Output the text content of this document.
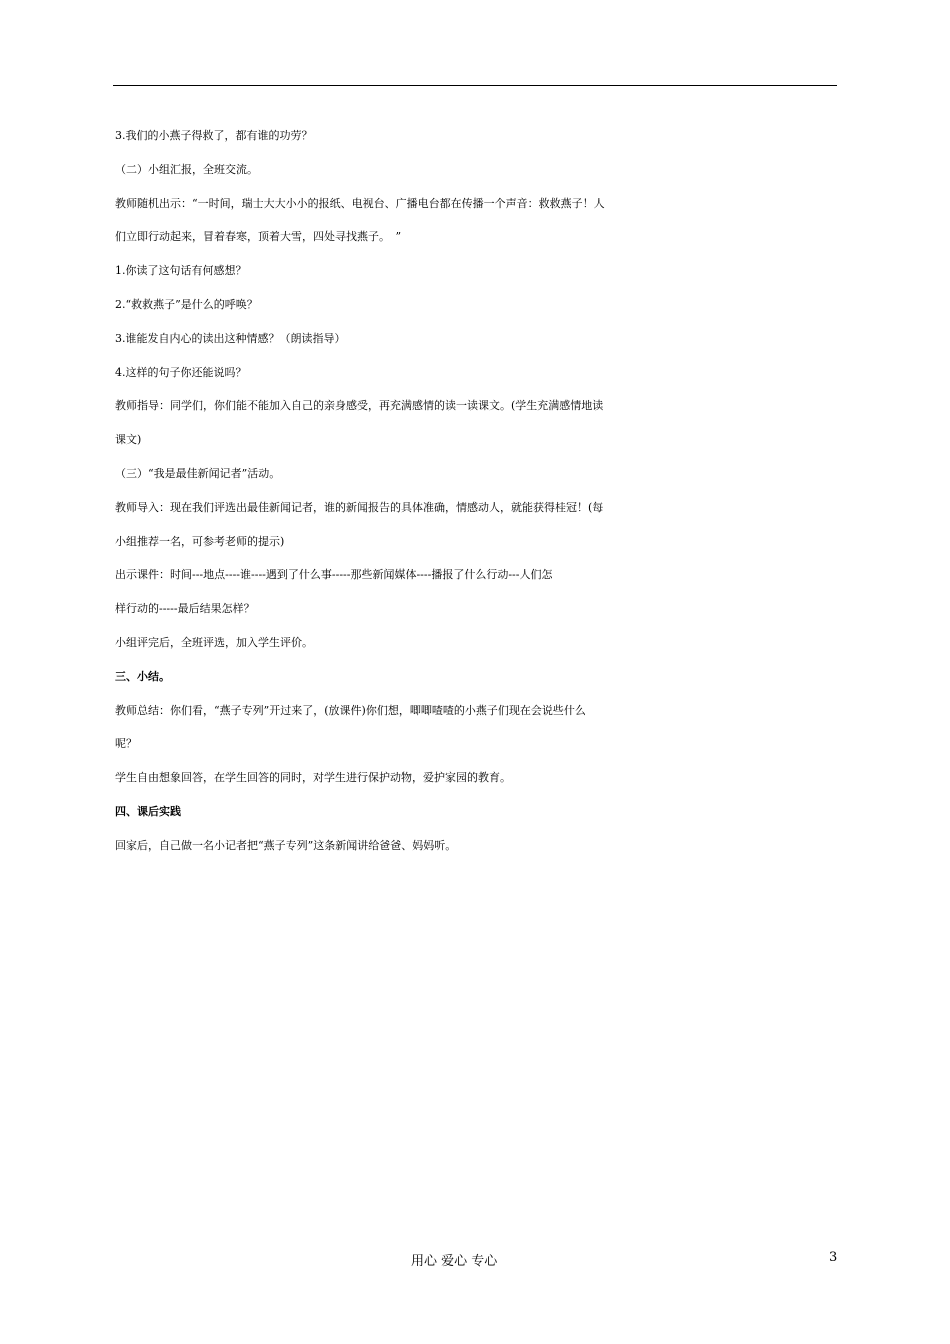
3.我们的小燕子得救了，都有谁的功劳？
（二）小组汇报，全班交流。
教师随机出示：“一时间，瑞士大大小小的报纸、电视台、广播电台都在传播一个声音：救救燕子！人
们立即行动起来，冒着春寒，顶着大雪，四处寻找燕子。　”
1.你读了这句话有何感想？
2.“救救燕子”是什么的呼唤？
3.谁能发自内心的读出这种情感？（朗读指导）
4.这样的句子你还能说吗？
教师指导：同学们，你们能不能加入自己的亲身感受，再充满感情的读一读课文。(学生充满感情地读
课文)
（三）“我是最佳新闻记者”活动。
教师导入：现在我们评选出最佳新闻记者，谁的新闻报告的具体准确，情感动人，就能获得桂冠！(每
小组推荐一名，可参考老师的提示)
出示课件：时间---地点----谁----遇到了什么事-----那些新闻媒体----播报了什么行动---人们怎
样行动的-----最后结果怎样？
小组评完后，全班评选，加入学生评价。
三、小结。
教师总结：你们看，“燕子专列”开过来了，(放课件)你们想，唧唧喳喳的小燕子们现在会说些什么
呢？
学生自由想象回答，在学生回答的同时，对学生进行保护动物，爱护家园的教育。
四、课后实践
回家后，自己做一名小记者把“燕子专列”这条新闻讲给爸爸、妈妈听。
用心 爱心 专心	3
